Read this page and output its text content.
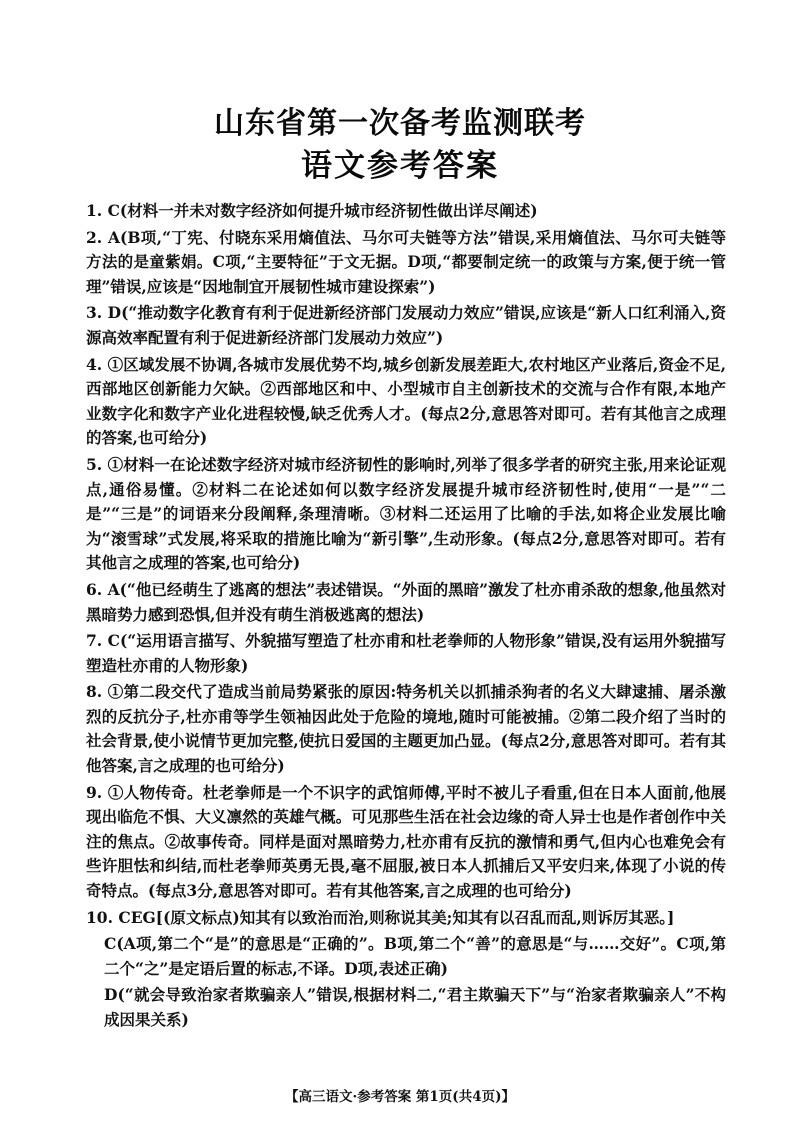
山东省第一次备考监测联考
语文参考答案

1. C(材料一并未对数字经济如何提升城市经济韧性做出详尽阐述)

2. A(B项,“丁宪、付晓东采用熵值法、马尔可夫链等方法”错误,采用熵值法、马尔可夫链等方法的是童紫娟。C项,“主要特征”于文无据。D项,“都要制定统一的政策与方案,便于统一管理”错误,应该是“因地制宜开展韧性城市建设探索”)

3. D(“推动数字化教育有利于促进新经济部门发展动力效应”错误,应该是“新人口红利涌入,资源高效率配置有利于促进新经济部门发展动力效应”)

4. ①区域发展不协调,各城市发展优势不均,城乡创新发展差距大,农村地区产业落后,资金不足,西部地区创新能力欠缺。②西部地区和中、小型城市自主创新技术的交流与合作有限,本地产业数字化和数字产业化进程较慢,缺乏优秀人才。(每点2分,意思答对即可。若有其他言之成理的答案,也可给分)

5. ①材料一在论述数字经济对城市经济韧性的影响时,列举了很多学者的研究主张,用来论证观点,通俗易懂。②材料二在论述如何以数字经济发展提升城市经济韧性时,使用“一是”“二是”“三是”的词语来分段阐释,条理清晰。③材料二还运用了比喻的手法,如将企业发展比喻为“滚雪球”式发展,将采取的措施比喻为“新引擎”,生动形象。(每点2分,意思答对即可。若有其他言之成理的答案,也可给分)

6. A(“他已经萌生了逃离的想法”表述错误。“外面的黑暗”激发了杜亦甫杀敌的想象,他虽然对黑暗势力感到恐惧,但并没有萌生消极逃离的想法)

7. C(“运用语言描写、外貌描写塑造了杜亦甫和杜老拳师的人物形象”错误,没有运用外貌描写塑造杜亦甫的人物形象)

8. ①第二段交代了造成当前局势紧张的原因:特务机关以抓捕杀狗者的名义大肆逮捕、屠杀激烈的反抗分子,杜亦甫等学生领袖因此处于危险的境地,随时可能被捕。②第二段介绍了当时的社会背景,使小说情节更加完整,使抗日爱国的主题更加凸显。(每点2分,意思答对即可。若有其他答案,言之成理的也可给分)

9. ①人物传奇。杜老拳师是一个不识字的武馆师傅,平时不被儿子看重,但在日本人面前,他展现出临危不惧、大义凛然的英雄气概。可见那些生活在社会边缘的奇人异士也是作者创作中关注的焦点。②故事传奇。同样是面对黑暗势力,杜亦甫有反抗的激情和勇气,但内心也难免会有些许胆怯和纠结,而杜老拳师英勇无畏,毫不屈服,被日本人抓捕后又平安归来,体现了小说的传奇特点。(每点3分,意思答对即可。若有其他答案,言之成理的也可给分)

10. CEG[(原文标点)知其有以致治而治,则称说其美;知其有以召乱而乱,则诉厉其恶。]

C(A项,第二个“是”的意思是“正确的”。B项,第二个“善”的意思是“与……交好”。C项,第二个“之”是定语后置的标志,不译。D项,表述正确)

D(“就会导致治家者欺骗亲人”错误,根据材料二,“君主欺骗天下”与“治家者欺骗亲人”不构成因果关系)

【高三语文·参考答案 第1页(共4页)】
